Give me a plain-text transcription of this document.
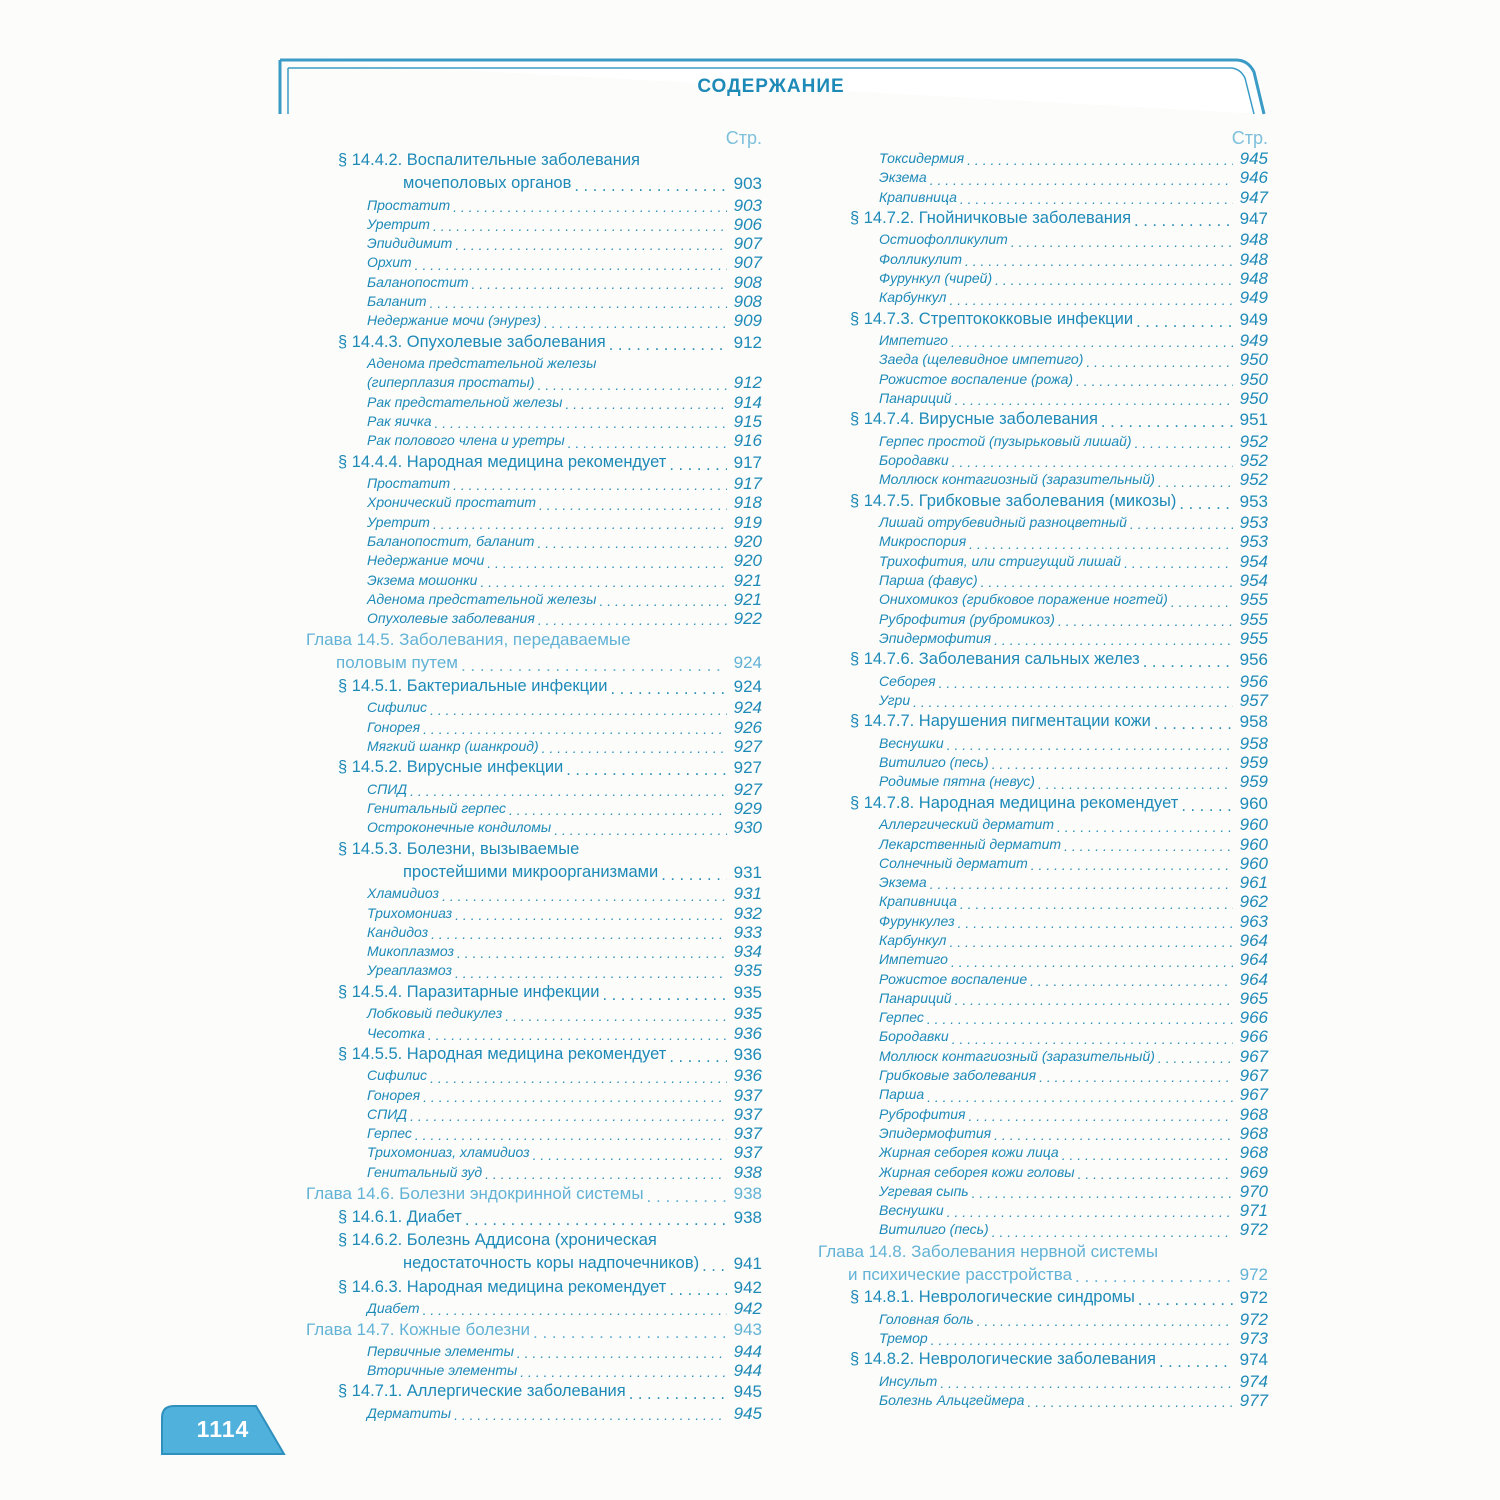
СОДЕРЖАНИЕ
Стр.
§ 14.4.2. Воспалительные заболевания
мочеполовых органов . . .	903
Простатит . . .	903
Уретрит . . .	906
Эпидидимит . . .	907
Орхит . . .	907
Баланопостит . . .	908
Баланит . . .	908
Недержание мочи (энурез) . . .	909
§ 14.4.3. Опухолевые заболевания . . .	912
Аденома предстательной железы
(гиперплазия простаты) . . .	912
Рак предстательной железы . . .	914
Рак яичка . . .	915
Рак полового члена и уретры . . .	916
§ 14.4.4. Народная медицина рекомендует . . .	917
Простатит . . .	917
Хронический простатит . . .	918
Уретрит . . .	919
Баланопостит, баланит . . .	920
Недержание мочи . . .	920
Экзема мошонки . . .	921
Аденома предстательной железы . . .	921
Опухолевые заболевания . . .	922
Глава 14.5. Заболевания, передаваемые
половым путем . . .	924
§ 14.5.1. Бактериальные инфекции . . .	924
Сифилис . . .	924
Гонорея . . .	926
Мягкий шанкр (шанкроид) . . .	927
§ 14.5.2. Вирусные инфекции . . .	927
СПИД . . .	927
Генитальный герпес . . .	929
Остроконечные кондиломы . . .	930
§ 14.5.3. Болезни, вызываемые
простейшими микроорганизмами . . .	931
Хламидиоз . . .	931
Трихомониаз . . .	932
Кандидоз . . .	933
Микоплазмоз . . .	934
Уреаплазмоз . . .	935
§ 14.5.4. Паразитарные инфекции . . .	935
Лобковый педикулез . . .	935
Чесотка . . .	936
§ 14.5.5. Народная медицина рекомендует . . .	936
Сифилис . . .	936
Гонорея . . .	937
СПИД . . .	937
Герпес . . .	937
Трихомониаз, хламидиоз . . .	937
Генитальный зуд . . .	938
Глава 14.6. Болезни эндокринной системы . . .	938
§ 14.6.1. Диабет . . .	938
§ 14.6.2. Болезнь Аддисона (хроническая
недостаточность коры надпочечников) . . . 941
§ 14.6.3. Народная медицина рекомендует . . .	942
Диабет . . .	942
Глава 14.7. Кожные болезни . . .	943
Первичные элементы . . .	944
Вторичные элементы . . .	944
§ 14.7.1. Аллергические заболевания . . .	945
Дерматиты . . .	945
Стр.
Токсидермия . . .	945
Экзема . . .	946
Крапивница . . .	947
§ 14.7.2. Гнойничковые заболевания . . .	947
Остиофолликулит . . .	948
Фолликулит . . .	948
Фурункул (чирей) . . .	948
Карбункул . . .	949
§ 14.7.3. Стрептококковые инфекции . . .	949
Импетиго . . .	949
Заеда (щелевидное импетиго) . . .	950
Рожистое воспаление (рожа) . . .	950
Панариций . . .	950
§ 14.7.4. Вирусные заболевания . . .	951
Герпес простой (пузырьковый лишай) . . .	952
Бородавки . . .	952
Моллюск контагиозный (заразительный) . . .	952
§ 14.7.5. Грибковые заболевания (микозы) . . .	953
Лишай отрубевидный разноцветный . . .	953
Микроспория . . .	953
Трихофития, или стригущий лишай . . .	954
Парша (фавус) . . .	954
Онихомикоз (грибковое поражение ногтей) . . .	955
Руброфития (рубромикоз) . . .	955
Эпидермофития . . .	955
§ 14.7.6. Заболевания сальных желез . . .	956
Себорея . . .	956
Угри . . .	957
§ 14.7.7. Нарушения пигментации кожи . . .	958
Веснушки . . .	958
Витилиго (песь) . . .	959
Родимые пятна (невус) . . .	959
§ 14.7.8. Народная медицина рекомендует . . .	960
Аллергический дерматит . . .	960
Лекарственный дерматит . . .	960
Солнечный дерматит . . .	960
Экзема . . .	961
Крапивница . . .	962
Фурункулез . . .	963
Карбункул . . .	964
Импетиго . . .	964
Рожистое воспаление . . .	964
Панариций . . .	965
Герпес . . .	966
Бородавки . . .	966
Моллюск контагиозный (заразительный) . . .	967
Грибковые заболевания . . .	967
Парша . . .	967
Руброфития . . .	968
Эпидермофития . . .	968
Жирная себорея кожи лица . . .	968
Жирная себорея кожи головы . . .	969
Угревая сыпь . . .	970
Веснушки . . .	971
Витилиго (песь) . . .	972
Глава 14.8. Заболевания нервной системы
и психические расстройства . . .	972
§ 14.8.1. Неврологические синдромы . . .	972
Головная боль . . .	972
Тремор . . .	973
§ 14.8.2. Неврологические заболевания . . .	974
Инсульт . . .	974
Болезнь Альцгеймера . . .	977
1114
